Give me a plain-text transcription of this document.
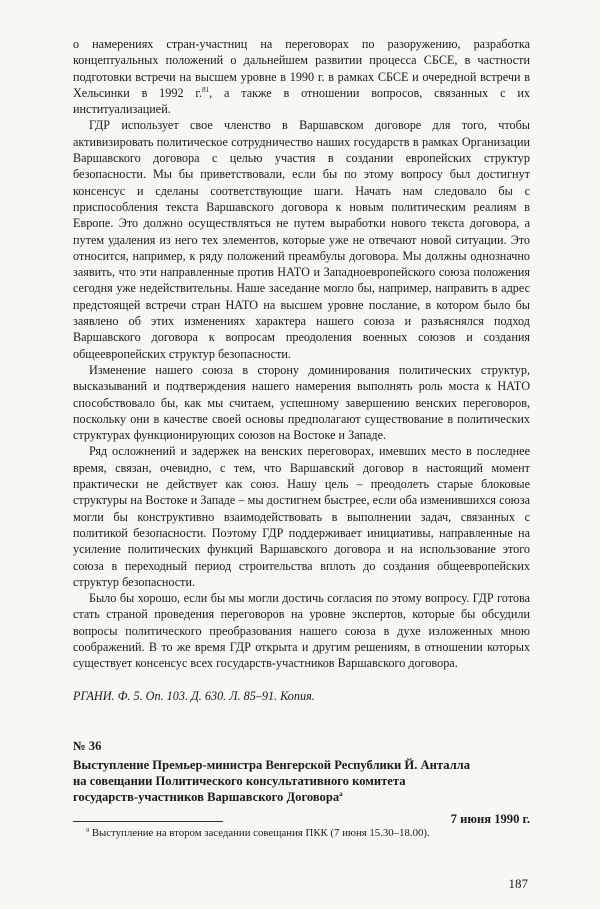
о намерениях стран-участниц на переговорах по разоружению, разработка концептуальных положений о дальнейшем развитии процесса СБСЕ, в частности подготовки встречи на высшем уровне в 1990 г. в рамках СБСЕ и очередной встречи в Хельсинки в 1992 г.$^{81}$, а также в отношении вопросов, связанных с их институализацией.

ГДР использует свое членство в Варшавском договоре для того, чтобы активизировать политическое сотрудничество наших государств в рамках Организации Варшавского договора с целью участия в создании европейских структур безопасности. Мы бы приветствовали, если бы по этому вопросу был достигнут консенсус и сделаны соответствующие шаги. Начать нам следовало бы с приспособления текста Варшавского договора к новым политическим реалиям в Европе. Это должно осуществляться не путем выработки нового текста договора, а путем удаления из него тех элементов, которые уже не отвечают новой ситуации. Это относится, например, к ряду положений преамбулы договора. Мы должны однозначно заявить, что эти направленные против НАТО и Западноевропейского союза положения сегодня уже недействительны. Наше заседание могло бы, например, направить в адрес предстоящей встречи стран НАТО на высшем уровне послание, в котором было бы заявлено об этих изменениях характера нашего союза и разъяснялся подход Варшавского договора к вопросам преодоления военных союзов и создания общеевропейских структур безопасности.

Изменение нашего союза в сторону доминирования политических структур, высказываний и подтверждения нашего намерения выполнять роль моста к НАТО способствовало бы, как мы считаем, успешному завершению венских переговоров, поскольку они в качестве своей основы предполагают существование в политических структурах функционирующих союзов на Востоке и Западе.

Ряд осложнений и задержек на венских переговорах, имевших место в последнее время, связан, очевидно, с тем, что Варшавский договор в настоящий момент практически не действует как союз. Нашу цель – преодолеть старые блоковые структуры на Востоке и Западе – мы достигнем быстрее, если оба изменившихся союза могли бы конструктивно взаимодействовать в выполнении задач, связанных с политикой безопасности. Поэтому ГДР поддерживает инициативы, направленные на усиление политических функций Варшавского договора и на использование этого союза в переходный период строительства вплоть до создания общеевропейских структур безопасности.

Было бы хорошо, если бы мы могли достичь согласия по этому вопросу. ГДР готова стать страной проведения переговоров на уровне экспертов, которые бы обсудили вопросы политического преобразования нашего союза в духе изложенных мною соображений. В то же время ГДР открыта и другим решениям, в отношении которых существует консенсус всех государств-участников Варшавского договора.

РГАНИ. Ф. 5. Оп. 103. Д. 630. Л. 85–91. Копия.
№ 36
Выступление Премьер-министра Венгерской Республики Й. Анталла
на совещании Политического консультативного комитета
государств-участников Варшавского Договора$^а$
7 июня 1990 г.
$^а$ Выступление на втором заседании совещания ПКК (7 июня 15.30–18.00).
187
